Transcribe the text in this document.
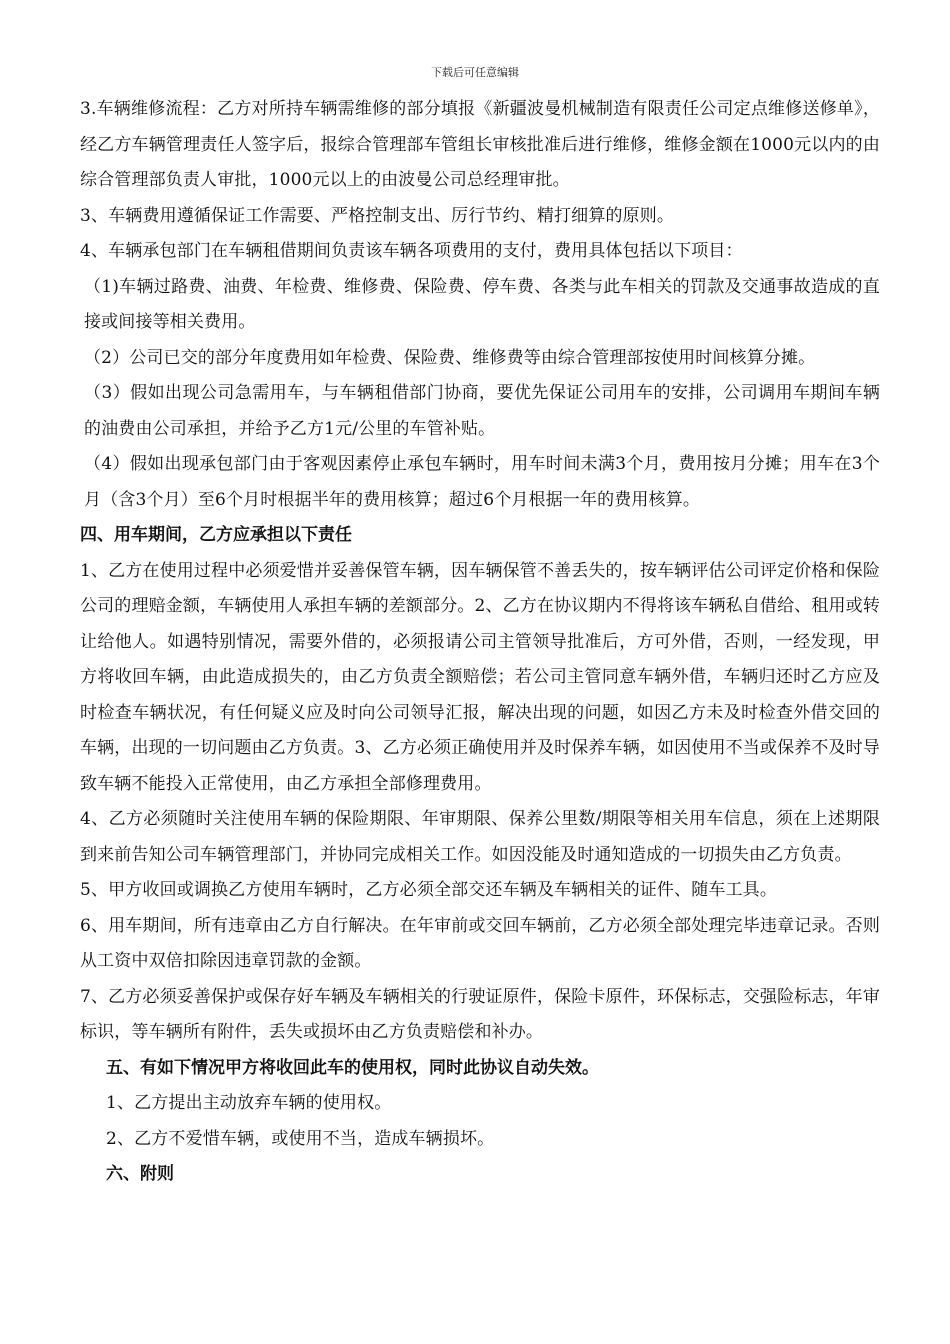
下载后可任意编辑

3.车辆维修流程：乙方对所持车辆需维修的部分填报《新疆波曼机械制造有限责任公司定点维修送修单》，经乙方车辆管理责任人签字后，报综合管理部车管组长审核批准后进行维修，维修金额在1000元以内的由综合管理部负责人审批，1000元以上的由波曼公司总经理审批。

3、车辆费用遵循保证工作需要、严格控制支出、厉行节约、精打细算的原则。

4、车辆承包部门在车辆租借期间负责该车辆各项费用的支付，费用具体包括以下项目：

（1)车辆过路费、油费、年检费、维修费、保险费、停车费、各类与此车相关的罚款及交通事故造成的直接或间接等相关费用。

（2）公司已交的部分年度费用如年检费、保险费、维修费等由综合管理部按使用时间核算分摊。

（3）假如出现公司急需用车，与车辆租借部门协商，要优先保证公司用车的安排，公司调用车期间车辆的油费由公司承担，并给予乙方1元/公里的车管补贴。

（4）假如出现承包部门由于客观因素停止承包车辆时，用车时间未满3个月，费用按月分摊；用车在3个月（含3个月）至6个月时根据半年的费用核算；超过6个月根据一年的费用核算。

四、用车期间，乙方应承担以下责任

1、乙方在使用过程中必须爱惜并妥善保管车辆，因车辆保管不善丢失的，按车辆评估公司评定价格和保险公司的理赔金额，车辆使用人承担车辆的差额部分。2、乙方在协议期内不得将该车辆私自借给、租用或转让给他人。如遇特别情况，需要外借的，必须报请公司主管领导批准后，方可外借，否则，一经发现，甲方将收回车辆，由此造成损失的，由乙方负责全额赔偿；若公司主管同意车辆外借，车辆归还时乙方应及时检查车辆状况，有任何疑义应及时向公司领导汇报，解决出现的问题，如因乙方未及时检查外借交回的车辆，出现的一切问题由乙方负责。3、乙方必须正确使用并及时保养车辆，如因使用不当或保养不及时导致车辆不能投入正常使用，由乙方承担全部修理费用。

4、乙方必须随时关注使用车辆的保险期限、年审期限、保养公里数/期限等相关用车信息，须在上述期限到来前告知公司车辆管理部门，并协同完成相关工作。如因没能及时通知造成的一切损失由乙方负责。

5、甲方收回或调换乙方使用车辆时，乙方必须全部交还车辆及车辆相关的证件、随车工具。

6、用车期间，所有违章由乙方自行解决。在年审前或交回车辆前，乙方必须全部处理完毕违章记录。否则从工资中双倍扣除因违章罚款的金额。

7、乙方必须妥善保护或保存好车辆及车辆相关的行驶证原件，保险卡原件，环保标志，交强险标志，年审标识，等车辆所有附件，丢失或损坏由乙方负责赔偿和补办。

五、有如下情况甲方将收回此车的使用权，同时此协议自动失效。

1、乙方提出主动放弃车辆的使用权。

2、乙方不爱惜车辆，或使用不当，造成车辆损坏。

六、附则
